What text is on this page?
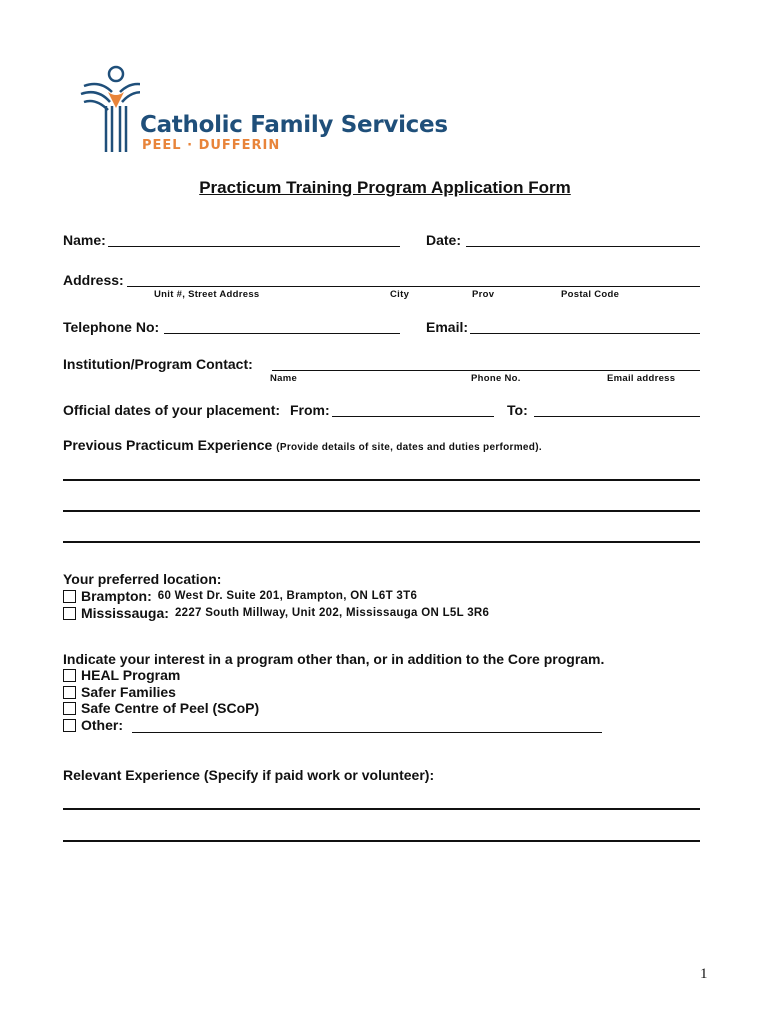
Catholic Family Services
PEEL · DUFFERIN
Practicum Training Program Application Form
Name:	Date:
Address:
Unit #, Street Address	City	Prov	Postal Code
Telephone No:	Email:
Institution/Program Contact:
Name	Phone No.	Email address
Official dates of your placement: From:	To:
Previous Practicum Experience (Provide details of site, dates and duties performed).
Your preferred location:
Brampton: 60 West Dr. Suite 201, Brampton, ON L6T 3T6
Mississauga: 2227 South Millway, Unit 202, Mississauga ON L5L 3R6
Indicate your interest in a program other than, or in addition to the Core program.
HEAL Program
Safer Families
Safe Centre of Peel (SCoP)
Other:
Relevant Experience (Specify if paid work or volunteer):
1
